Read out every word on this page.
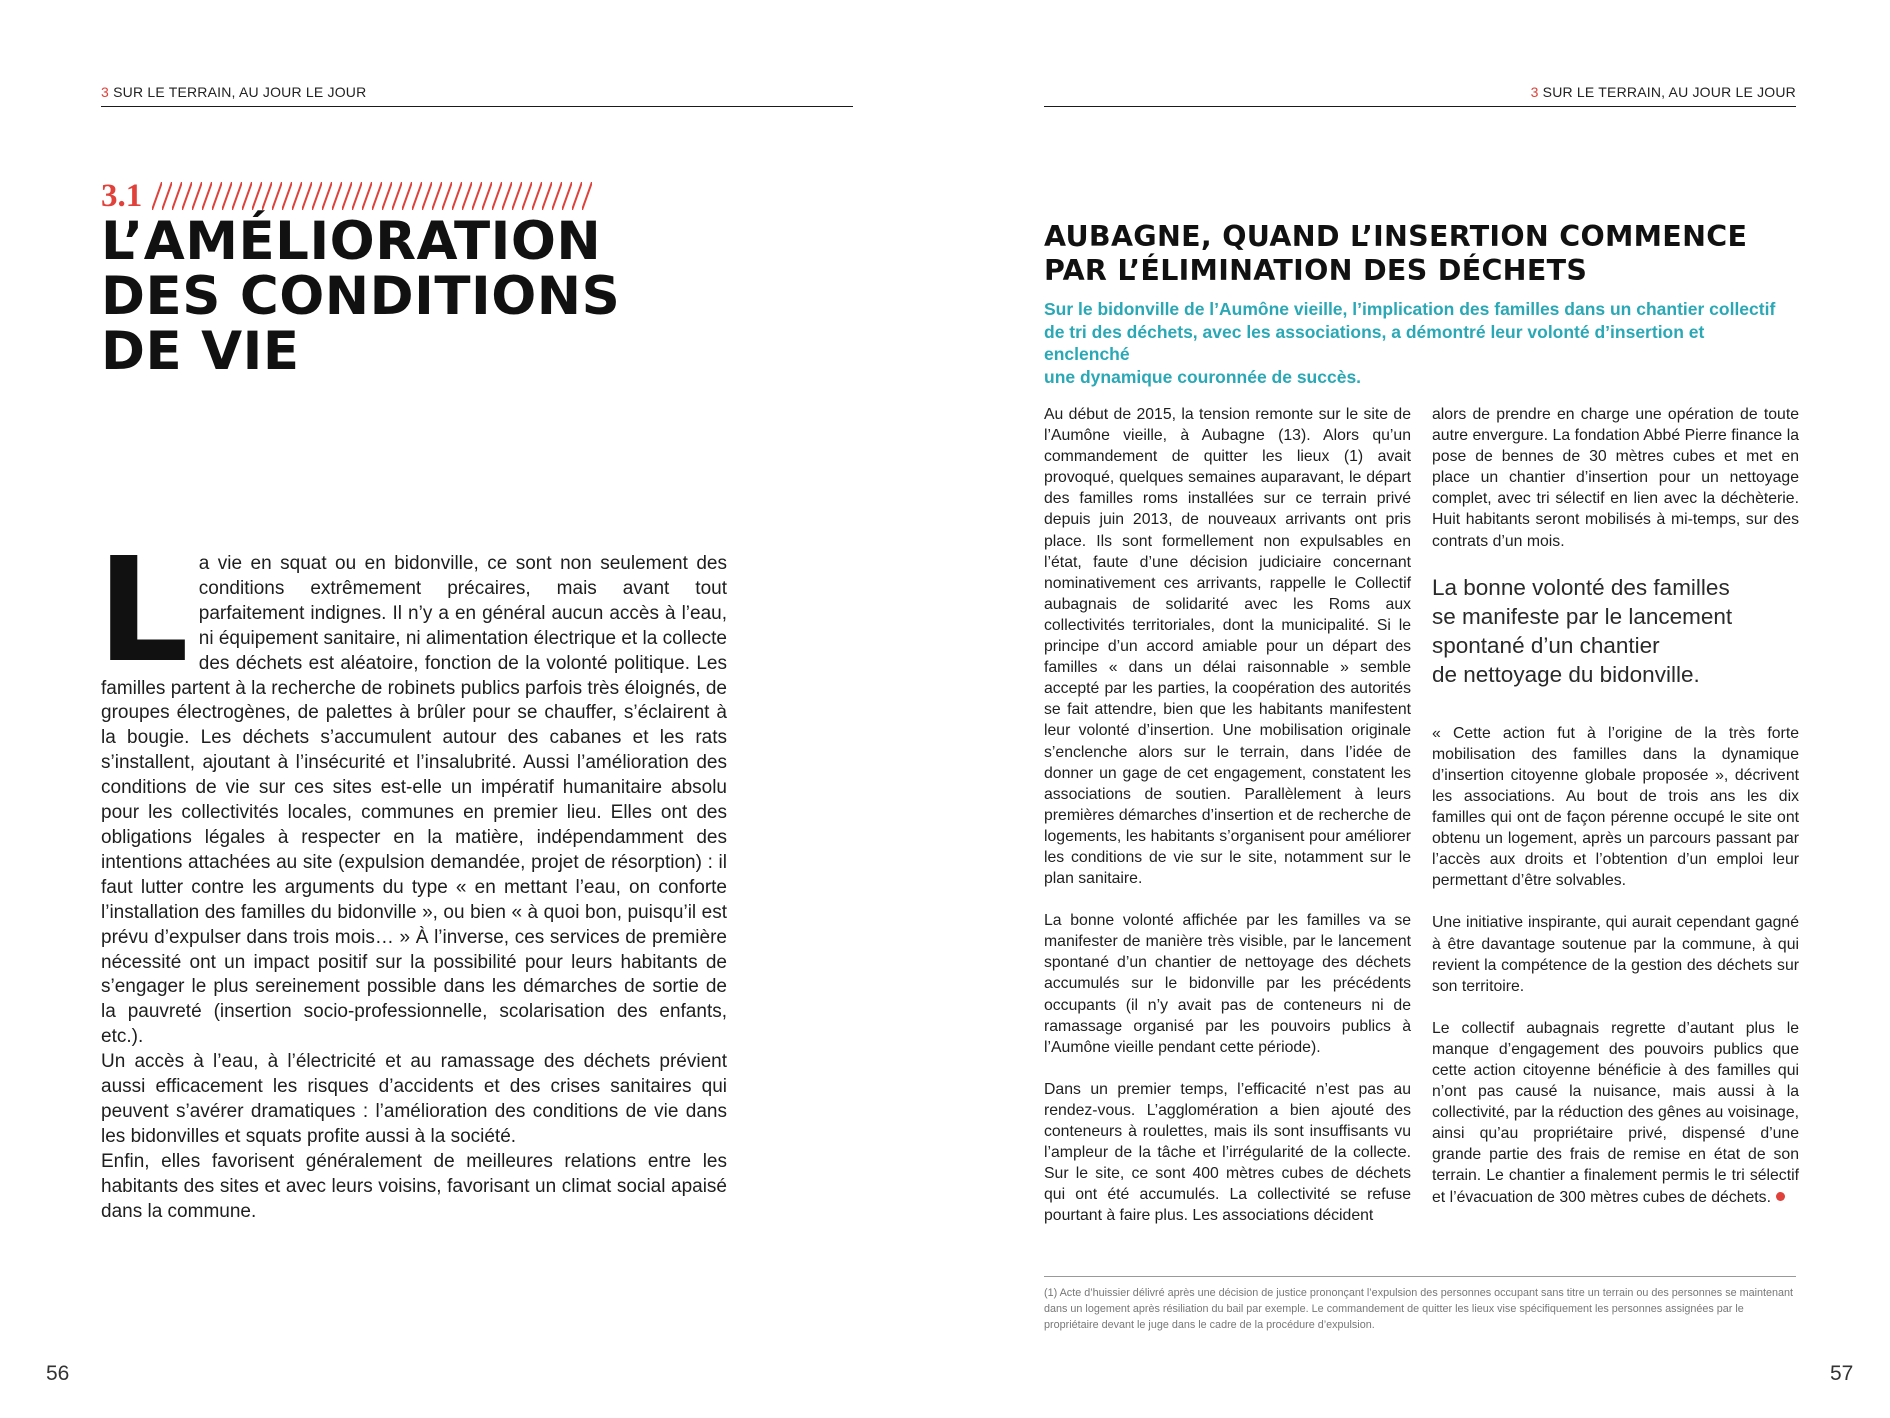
3 SUR LE TERRAIN, AU JOUR LE JOUR
3.1
L’AMÉLIORATION
DES CONDITIONS
DE VIE

La vie en squat ou en bidonville, ce sont non seulement des conditions extrêmement précaires, mais avant tout parfaitement indignes. Il n’y a en général aucun accès à l’eau, ni équipement sanitaire, ni alimentation électrique et la collecte des déchets est aléatoire, fonction de la volonté politique. Les familles partent à la recherche de robinets publics parfois très éloignés, de groupes électrogènes, de palettes à brûler pour se chauffer, s’éclairent à la bougie. Les déchets s’accumulent autour des cabanes et les rats s’installent, ajoutant à l’insécurité et l’insalubrité. Aussi l’amélioration des conditions de vie sur ces sites est-elle un impératif humanitaire absolu pour les collectivités locales, communes en premier lieu. Elles ont des obligations légales à respecter en la matière, indépendamment des intentions attachées au site (expulsion demandée, projet de résorption) : il faut lutter contre les arguments du type « en mettant l’eau, on conforte l’installation des familles du bidonville », ou bien « à quoi bon, puisqu’il est prévu d’expulser dans trois mois… » À l’inverse, ces services de première nécessité ont un impact positif sur la possibilité pour leurs habitants de s’engager le plus sereinement possible dans les démarches de sortie de la pauvreté (insertion socio-professionnelle, scolarisation des enfants, etc.).

Un accès à l’eau, à l’électricité et au ramassage des déchets prévient aussi efficacement les risques d’accidents et des crises sanitaires qui peuvent s’avérer dramatiques : l’amélioration des conditions de vie dans les bidonvilles et squats profite aussi à la société.

Enfin, elles favorisent généralement de meilleures relations entre les habitants des sites et avec leurs voisins, favorisant un climat social apaisé dans la commune.

56
3 SUR LE TERRAIN, AU JOUR LE JOUR
AUBAGNE, QUAND L’INSERTION COMMENCE
PAR L’ÉLIMINATION DES DÉCHETS
Sur le bidonville de l’Aumône vieille, l’implication des familles dans un chantier collectif
de tri des déchets, avec les associations, a démontré leur volonté d’insertion et enclenché
une dynamique couronnée de succès.

Au début de 2015, la tension remonte sur le site de l’Aumône vieille, à Aubagne (13). Alors qu’un commandement de quitter les lieux (1) avait provoqué, quelques semaines auparavant, le départ des familles roms installées sur ce terrain privé depuis juin 2013, de nouveaux arrivants ont pris place. Ils sont formellement non expulsables en l’état, faute d’une décision judiciaire concernant nominativement ces arrivants, rappelle le Collectif aubagnais de solidarité avec les Roms aux collectivités territoriales, dont la municipalité. Si le principe d’un accord amiable pour un départ des familles « dans un délai raisonnable » semble accepté par les parties, la coopération des autorités se fait attendre, bien que les habitants manifestent leur volonté d’insertion. Une mobilisation originale s’enclenche alors sur le terrain, dans l’idée de donner un gage de cet engagement, constatent les associations de soutien. Parallèlement à leurs premières démarches d’insertion et de recherche de logements, les habitants s’organisent pour améliorer les conditions de vie sur le site, notamment sur le plan sanitaire.

La bonne volonté affichée par les familles va se manifester de manière très visible, par le lancement spontané d’un chantier de nettoyage des déchets accumulés sur le bidonville par les précédents occupants (il n’y avait pas de conteneurs ni de ramassage organisé par les pouvoirs publics à l’Aumône vieille pendant cette période).

Dans un premier temps, l’efficacité n’est pas au rendez-vous. L’agglomération a bien ajouté des conteneurs à roulettes, mais ils sont insuffisants vu l’ampleur de la tâche et l’irrégularité de la collecte. Sur le site, ce sont 400 mètres cubes de déchets qui ont été accumulés. La collectivité se refuse pourtant à faire plus. Les associations décident

alors de prendre en charge une opération de toute autre envergure. La fondation Abbé Pierre finance la pose de bennes de 30 mètres cubes et met en place un chantier d’insertion pour un nettoyage complet, avec tri sélectif en lien avec la déchèterie. Huit habitants seront mobilisés à mi-temps, sur des contrats d’un mois.

La bonne volonté des familles
se manifeste par le lancement
spontané d’un chantier
de nettoyage du bidonville.

« Cette action fut à l’origine de la très forte mobilisation des familles dans la dynamique d’insertion citoyenne globale proposée », décrivent les associations. Au bout de trois ans les dix familles qui ont de façon pérenne occupé le site ont obtenu un logement, après un parcours passant par l’accès aux droits et l’obtention d’un emploi leur permettant d’être solvables.

Une initiative inspirante, qui aurait cependant gagné à être davantage soutenue par la commune, à qui revient la compétence de la gestion des déchets sur son territoire.

Le collectif aubagnais regrette d’autant plus le manque d’engagement des pouvoirs publics que cette action citoyenne bénéficie à des familles qui n’ont pas causé la nuisance, mais aussi à la collectivité, par la réduction des gênes au voisinage, ainsi qu’au propriétaire privé, dispensé d’une grande partie des frais de remise en état de son terrain. Le chantier a finalement permis le tri sélectif et l’évacuation de 300 mètres cubes de déchets.

(1) Acte d’huissier délivré après une décision de justice prononçant l’expulsion des personnes occupant sans titre un terrain ou des personnes se maintenant dans un logement après résiliation du bail par exemple. Le commandement de quitter les lieux vise spécifiquement les personnes assignées par le propriétaire devant le juge dans le cadre de la procédure d’expulsion.
57
